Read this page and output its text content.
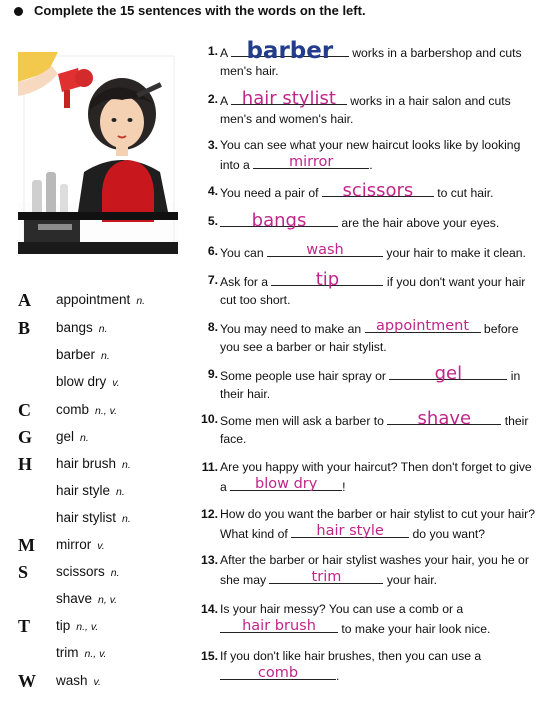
Complete the 15 sentences with the words on the left.
A appointment n.
B bangs n.
barber n.
blow dry v.
C comb n., v.
G gel n.
H hair brush n.
hair style n.
hair stylist n.
M mirror v.
S scissors n.
shave n, v.
T tip n., v.
trim n., v.
W wash v.
1. A barber	works in a barbershop and cuts men's hair.
2. A hair stylist works in a hair salon and cuts men's and women's hair.
3. You can see what your new haircut looks like by looking into a	mirror	.
4. You need a pair of	scissors	to cut hair.
5.	bangs	are the hair above your eyes.
6. You can	wash	your hair to make it clean.
7. Ask for a	tip	if you don't want your hair cut too short.
8. You may need to make an appointment before you see a barber or hair stylist.
9. Some people use hair spray or	gel	in their hair.
10. Some men will ask a barber to	shave	their face.
11. Are you happy with your haircut? Then don't forget to give a	blow dry	!
12. How do you want the barber or hair stylist to cut your hair? What kind of	hair style	do you want?
13. After the barber or hair stylist washes your hair, you he or she may	trim	your hair.
14. Is your hair messy? You can use a comb or a
hair brush	to make your hair look nice.
15. If you don't like hair brushes, then you can use a
comb	.
